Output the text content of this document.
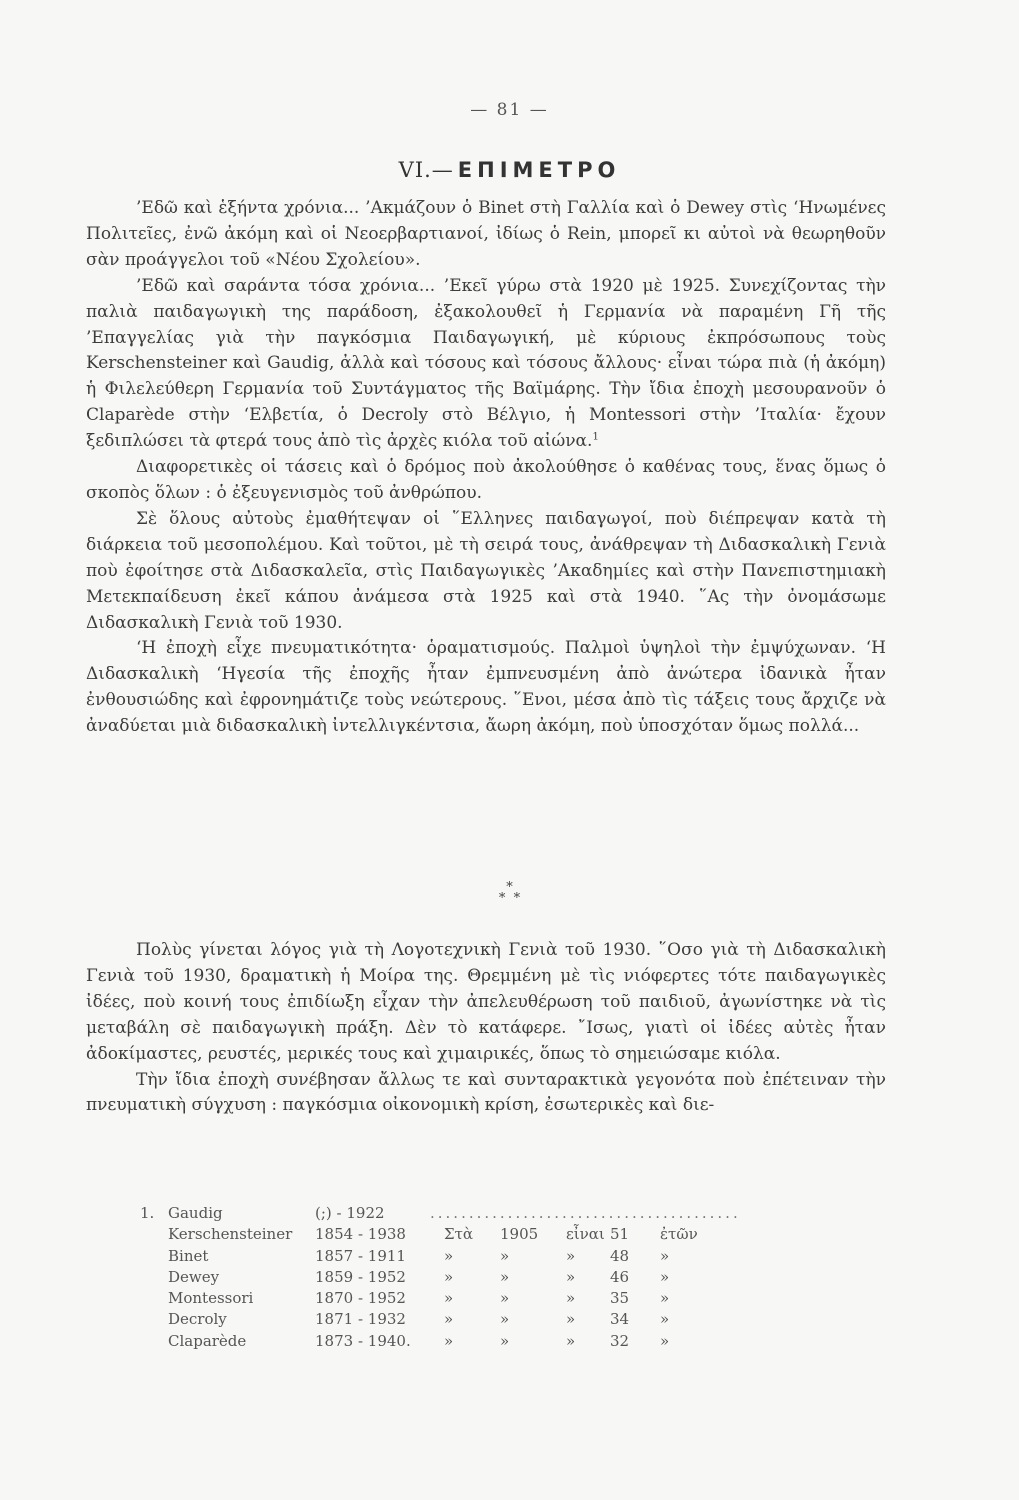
— 81 —
VI.— ΕΠΙΜΕΤΡΟ

’Εδῶ καὶ ἑξήντα χρόνια... ’Ακμάζουν ὁ Binet στὴ Γαλλία καὶ ὁ Dewey στὶς ‘Ηνωμένες Πολιτεῖες, ἐνῶ ἀκόμη καὶ οἱ Νεοερβαρτιανοί, ἰδίως ὁ Rein, μπορεῖ κι αὐτοὶ νὰ θεωρηθοῦν σὰν προάγγελοι τοῦ «Νέου Σχολείου».

’Εδῶ καὶ σαράντα τόσα χρόνια... ’Εκεῖ γύρω στὰ 1920 μὲ 1925. Συνεχίζοντας τὴν παλιὰ παιδαγωγικὴ της παράδοση, ἐξακολουθεῖ ἡ Γερμανία νὰ παραμένη Γῆ τῆς ’Επαγγελίας γιὰ τὴν παγκόσμια Παιδαγωγική, μὲ κύριους ἐκπρόσωπους τοὺς Kerschensteiner καὶ Gaudig, ἀλλὰ καὶ τόσους καὶ τόσους ἄλλους· εἶναι τώρα πιὰ (ἡ ἀκόμη) ἡ Φιλελεύθερη Γερμανία τοῦ Συντάγματος τῆς Βαϊμάρης. Τὴν ἴδια ἐποχὴ μεσουρανοῦν ὁ Claparède στὴν ‘Ελβετία, ὁ Decroly στὸ Βέλγιο, ἡ Montessori στὴν ’Ιταλία· ἔχουν ξεδιπλώσει τὰ φτερά τους ἀπὸ τὶς ἀρχὲς κιόλα τοῦ αἰώνα.$^1$

Διαφορετικὲς οἱ τάσεις καὶ ὁ δρόμος ποὺ ἀκολούθησε ὁ καθένας τους, ἕνας ὅμως ὁ σκοπὸς ὅλων : ὁ ἐξευγενισμὸς τοῦ ἀνθρώπου.

Σὲ ὅλους αὐτοὺς ἐμαθήτεψαν οἱ ῞Ελληνες παιδαγωγοί, ποὺ διέπρεψαν κατὰ τὴ διάρκεια τοῦ μεσοπολέμου. Καὶ τοῦτοι, μὲ τὴ σειρά τους, ἀνάθρεψαν τὴ Διδασκαλικὴ Γενιὰ ποὺ ἐφοίτησε στὰ Διδασκαλεῖα, στὶς Παιδαγωγικὲς ’Ακαδημίες καὶ στὴν Πανεπιστημιακὴ Μετεκπαίδευση ἐκεῖ κάπου ἀνάμεσα στὰ 1925 καὶ στὰ 1940. ῞Ας τὴν ὀνομάσωμε Διδασκαλικὴ Γενιὰ τοῦ 1930.

‘Η ἐποχὴ εἶχε πνευματικότητα· ὁραματισμούς. Παλμοὶ ὑψηλοὶ τὴν ἐμψύχωναν. ‘Η Διδασκαλικὴ ‘Ηγεσία τῆς ἐποχῆς ἦταν ἐμπνευσμένη ἀπὸ ἀνώτερα ἰδανικὰ ἦταν ἐνθουσιώδης καὶ ἐφρονημάτιζε τοὺς νεώτερους. ῞Ενοι, μέσα ἀπὸ τὶς τάξεις τους ἄρχιζε νὰ ἀναδύεται μιὰ διδασκαλικὴ ἰντελλιγκέντσια, ἄωρη ἀκόμη, ποὺ ὑποσχόταν ὅμως πολλά...

*
*  *

Πολὺς γίνεται λόγος γιὰ τὴ Λογοτεχνικὴ Γενιὰ τοῦ 1930. ῞Οσο γιὰ τὴ Διδασκαλικὴ Γενιὰ τοῦ 1930, δραματικὴ ἡ Μοίρα της. Θρεμμένη μὲ τὶς νιόφερτες τότε παιδαγωγικὲς ἰδέες, ποὺ κοινή τους ἐπιδίωξη εἶχαν τὴν ἀπελευθέρωση τοῦ παιδιοῦ, ἀγωνίστηκε νὰ τὶς μεταβάλη σὲ παιδαγωγικὴ πράξη. Δὲν τὸ κατάφερε. ῎Ισως, γιατὶ οἱ ἰδέες αὐτὲς ἦταν ἀδοκίμαστες, ρευστές, μερικές τους καὶ χιμαιρικές, ὅπως τὸ σημειώσαμε κιόλα.

Τὴν ἴδια ἐποχὴ συνέβησαν ἄλλως τε καὶ συνταρακτικὰ γεγονότα ποὺ ἐπέτειναν τὴν πνευματικὴ σύγχυση : παγκόσμια οἰκονομικὴ κρίση, ἐσωτερικὲς καὶ διε-

1. Gaudig	(;) - 1922	........................................
Kerschensteiner 1854 - 1938	Στὰ 1905 εἶναι 51 ἐτῶν
Binet	1857 - 1911	»	»	» 48 »
Dewey	1859 - 1952	»	»	» 46 »
Montessori	1870 - 1952	»	»	» 35 »
Decroly	1871 - 1932	»	»	» 34 »
Claparède	1873 - 1940. »	»	» 32 »
